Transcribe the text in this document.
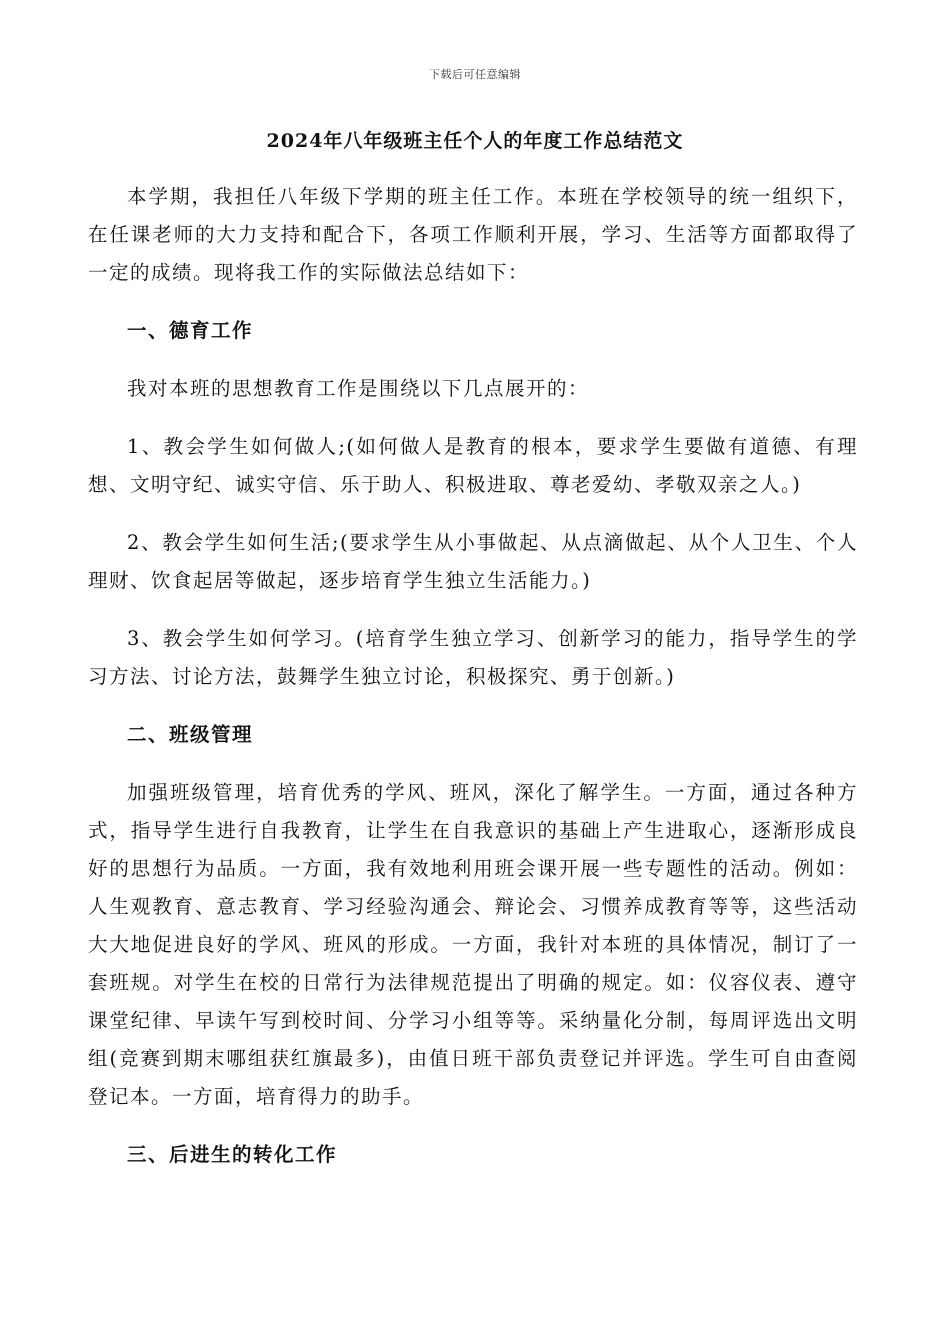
下载后可任意编辑
2024年八年级班主任个人的年度工作总结范文

本学期，我担任八年级下学期的班主任工作。本班在学校领导的统一组织下，在任课老师的大力支持和配合下，各项工作顺利开展，学习、生活等方面都取得了一定的成绩。现将我工作的实际做法总结如下：

一、德育工作

我对本班的思想教育工作是围绕以下几点展开的：

1、教会学生如何做人;(如何做人是教育的根本，要求学生要做有道德、有理想、文明守纪、诚实守信、乐于助人、积极进取、尊老爱幼、孝敬双亲之人。)

2、教会学生如何生活;(要求学生从小事做起、从点滴做起、从个人卫生、个人理财、饮食起居等做起，逐步培育学生独立生活能力。)

3、教会学生如何学习。(培育学生独立学习、创新学习的能力，指导学生的学习方法、讨论方法，鼓舞学生独立讨论，积极探究、勇于创新。)

二、班级管理

加强班级管理，培育优秀的学风、班风，深化了解学生。一方面，通过各种方式，指导学生进行自我教育，让学生在自我意识的基础上产生进取心，逐渐形成良好的思想行为品质。一方面，我有效地利用班会课开展一些专题性的活动。例如：人生观教育、意志教育、学习经验沟通会、辩论会、习惯养成教育等等，这些活动大大地促进良好的学风、班风的形成。一方面，我针对本班的具体情况，制订了一套班规。对学生在校的日常行为法律规范提出了明确的规定。如：仪容仪表、遵守课堂纪律、早读午写到校时间、分学习小组等等。采纳量化分制，每周评选出文明组(竞赛到期末哪组获红旗最多)，由值日班干部负责登记并评选。学生可自由查阅登记本。一方面，培育得力的助手。

三、后进生的转化工作
